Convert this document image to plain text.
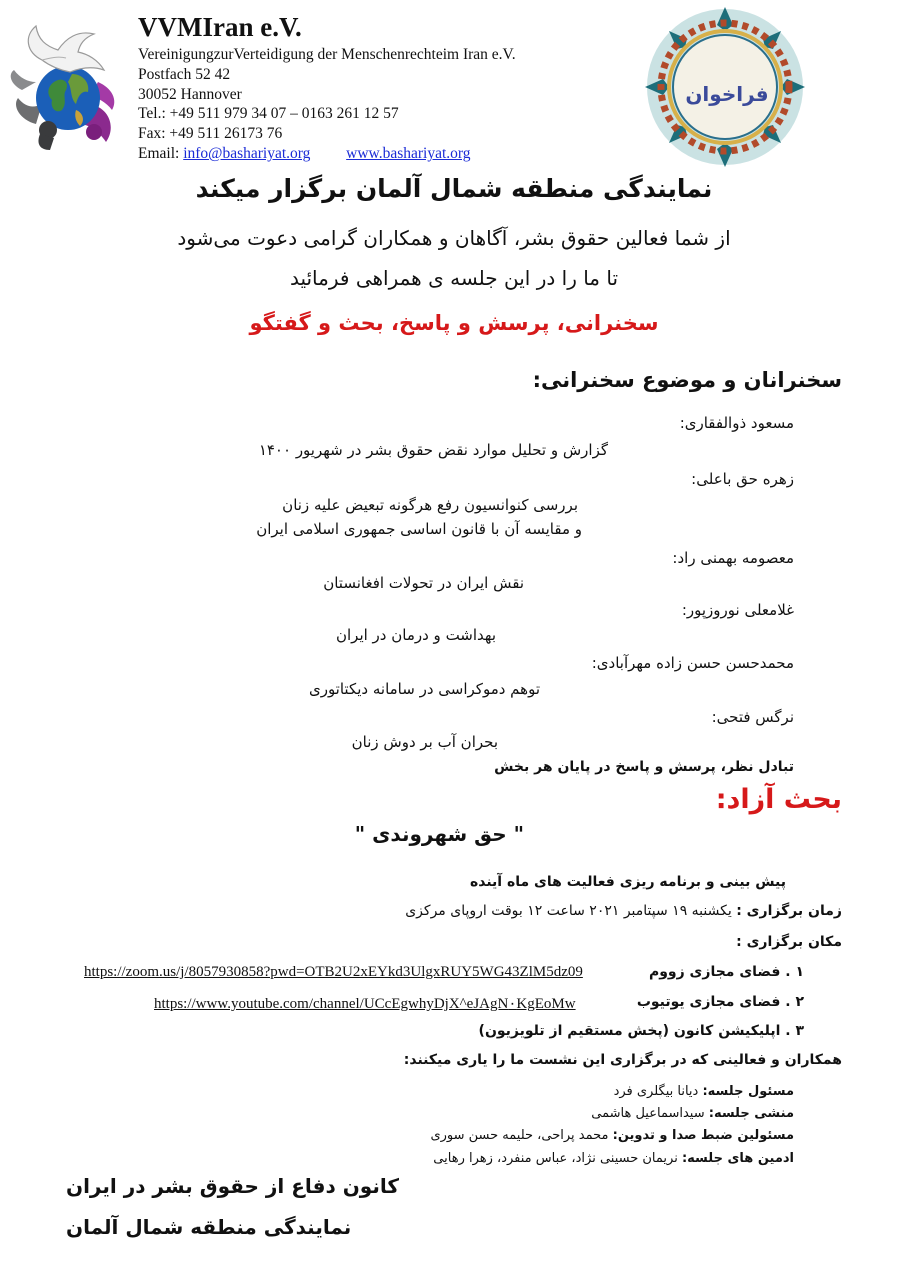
VVMIran e.V.
VereinigungzurVerteidigung der Menschenrechteim Iran e.V.
Postfach 52 42
30052 Hannover
Tel.: +49 511 979 34 07 – 0163 261 12 57
Fax: +49 511 26173 76
Email: info@bashariyat.org www.bashariyat.org
فراخوان
نمایندگی منطقه شمال آلمان برگزار میکند
از شما فعالین حقوق بشر، آگاهان و همکاران گرامی دعوت می‌شود
تا ما را در این جلسه ی همراهی فرمائید
سخنرانی، پرسش و پاسخ، بحث و گفتگو
سخنرانان و موضوع سخنرانی:
مسعود ذوالفقاری:
گزارش و تحلیل موارد نقض حقوق بشر در شهریور ۱۴۰۰
زهره حق باعلی:
بررسی کنوانسیون رفع هرگونه تبعیض علیه زنان
و مقایسه آن با قانون اساسی جمهوری اسلامی ایران
معصومه بهمنی راد:
نقش ایران در تحولات افغانستان
غلامعلی نوروزپور:
بهداشت و درمان در ایران
محمدحسن حسن زاده مهرآبادی:
توهم دموکراسی در سامانه دیکتاتوری
نرگس فتحی:
بحران آب بر دوش زنان
تبادل نظر، پرسش و پاسخ در پایان هر بخش
بحث آزاد:
" حق شهروندی "
پیش بینی و برنامه ریزی فعالیت های ماه آینده
زمان برگزاری : یکشنبه ۱۹ سپتامبر ۲۰۲۱ ساعت ۱۲ بوقت اروپای مرکزی
مکان برگزاری :
https://zoom.us/j/8057930858?pwd=OTB2U2xEYkd3UlgxRUY5WG43ZlM5dz09	۱ . فضای مجازی زووم
https://www.youtube.com/channel/UCcEgwhyDjX^eJAgN٠KgEoMw	۲ . فضای مجازی یوتیوب
۳ . اپلیکیشن کانون (پخش مستقیم از تلویزیون)
همکاران و فعالینی که در برگزاری این نشست ما را یاری میکنند:
مسئول جلسه: دیانا بیگلری فرد
منشی جلسه: سیداسماعیل هاشمی
مسئولین ضبط صدا و تدوین: محمد پراحی، حلیمه حسن سوری
ادمین های جلسه: نریمان حسینی نژاد، عباس منفرد، زهرا رهایی
کانون دفاع از حقوق بشر در ایران
نمایندگی منطقه شمال آلمان
